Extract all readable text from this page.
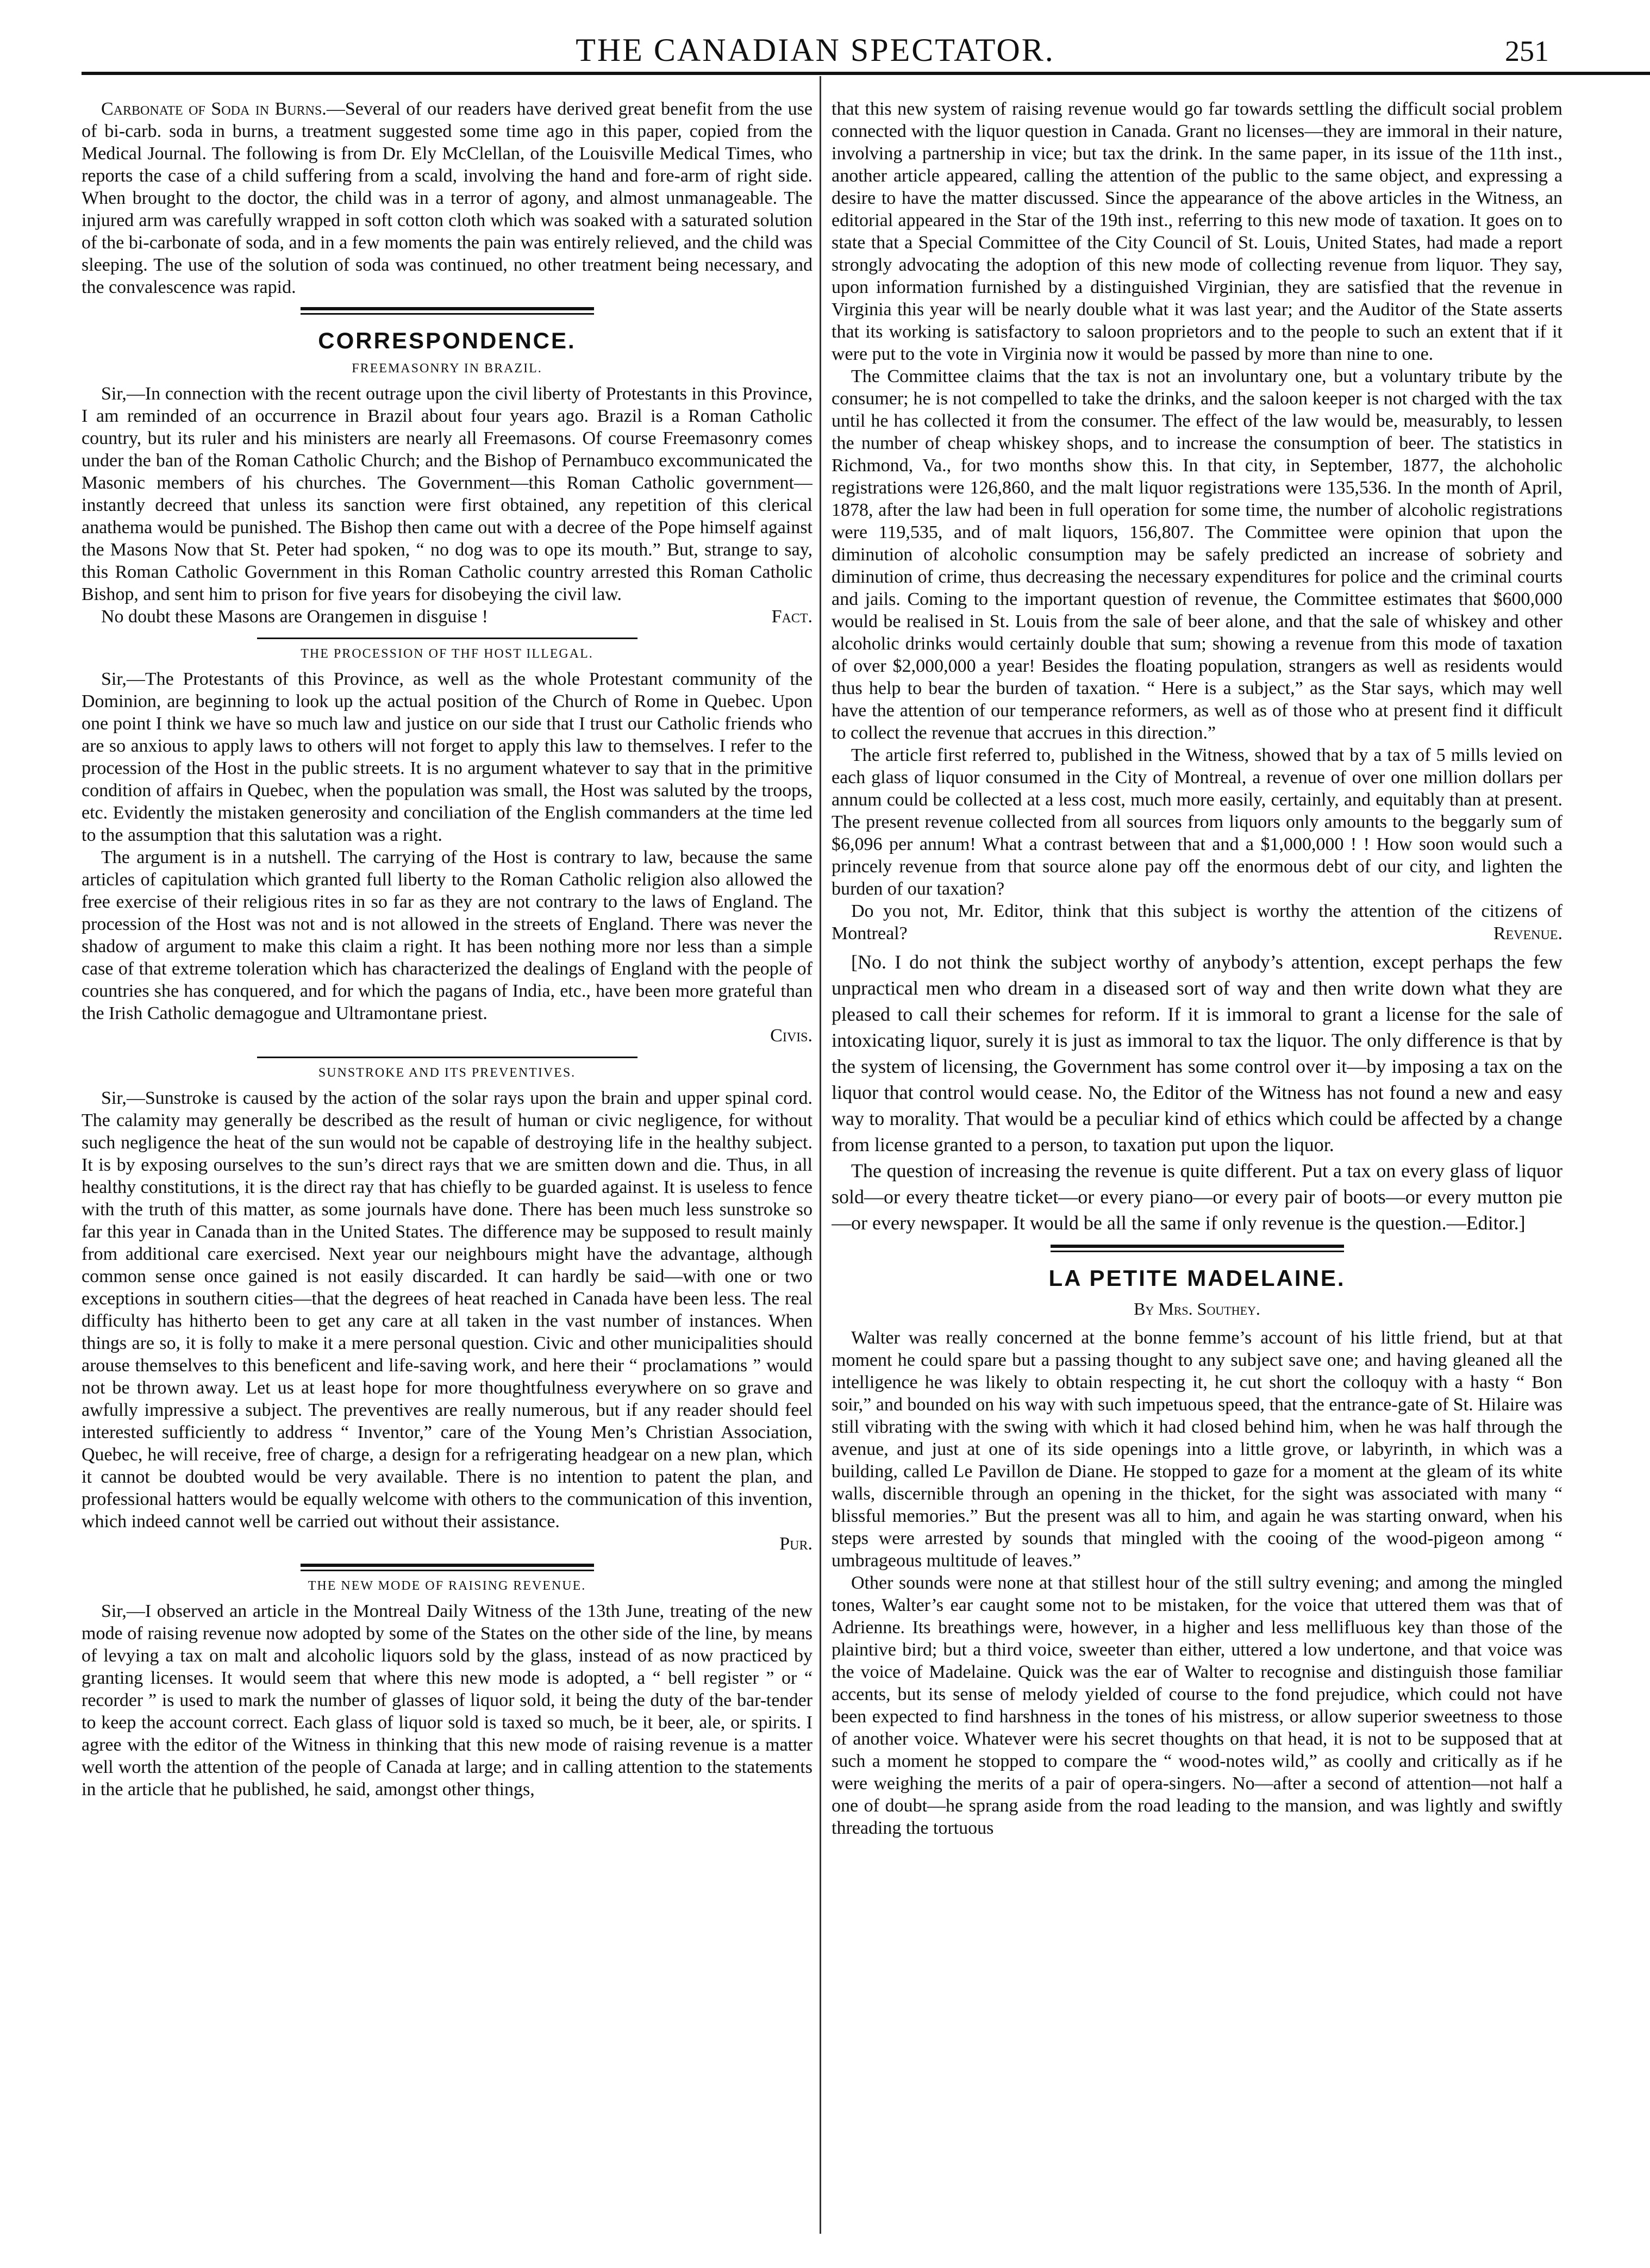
THE CANADIAN SPECTATOR.	251

Carbonate of Soda in Burns.—Several of our readers have derived great benefit from the use of bi-carb. soda in burns, a treatment suggested some time ago in this paper, copied from the Medical Journal. The following is from Dr. Ely McClellan, of the Louisville Medical Times, who reports the case of a child suffering from a scald, involving the hand and fore-arm of right side. When brought to the doctor, the child was in a terror of agony, and almost unmanageable. The injured arm was carefully wrapped in soft cotton cloth which was soaked with a saturated solution of the bi-carbonate of soda, and in a few moments the pain was entirely relieved, and the child was sleeping. The use of the solution of soda was continued, no other treatment being necessary, and the convalescence was rapid.

CORRESPONDENCE.
FREEMASONRY IN BRAZIL.

Sir,—In connection with the recent outrage upon the civil liberty of Protestants in this Province, I am reminded of an occurrence in Brazil about four years ago. Brazil is a Roman Catholic country, but its ruler and his ministers are nearly all Freemasons. Of course Freemasonry comes under the ban of the Roman Catholic Church; and the Bishop of Pernambuco excommunicated the Masonic members of his churches. The Government—this Roman Catholic government—instantly decreed that unless its sanction were first obtained, any repetition of this clerical anathema would be punished. The Bishop then came out with a decree of the Pope himself against the Masons Now that St. Peter had spoken, “ no dog was to ope its mouth.” But, strange to say, this Roman Catholic Government in this Roman Catholic country arrested this Roman Catholic Bishop, and sent him to prison for five years for disobeying the civil law.

Fact.
No doubt these Masons are Orangemen in disguise !

THE PROCESSION OF THF HOST ILLEGAL.

Sir,—The Protestants of this Province, as well as the whole Protestant community of the Dominion, are beginning to look up the actual position of the Church of Rome in Quebec. Upon one point I think we have so much law and justice on our side that I trust our Catholic friends who are so anxious to apply laws to others will not forget to apply this law to themselves. I refer to the procession of the Host in the public streets. It is no argument whatever to say that in the primitive condition of affairs in Quebec, when the population was small, the Host was saluted by the troops, etc. Evidently the mistaken generosity and conciliation of the English commanders at the time led to the assumption that this salutation was a right.

The argument is in a nutshell. The carrying of the Host is contrary to law, because the same articles of capitulation which granted full liberty to the Roman Catholic religion also allowed the free exercise of their religious rites in so far as they are not contrary to the laws of England. The procession of the Host was not and is not allowed in the streets of England. There was never the shadow of argument to make this claim a right. It has been nothing more nor less than a simple case of that extreme toleration which has characterized the dealings of England with the people of countries she has conquered, and for which the pagans of India, etc., have been more grateful than the Irish Catholic demagogue and Ultramontane priest.

Civis.

SUNSTROKE AND ITS PREVENTIVES.

Sir,—Sunstroke is caused by the action of the solar rays upon the brain and upper spinal cord. The calamity may generally be described as the result of human or civic negligence, for without such negligence the heat of the sun would not be capable of destroying life in the healthy subject. It is by exposing ourselves to the sun’s direct rays that we are smitten down and die. Thus, in all healthy constitutions, it is the direct ray that has chiefly to be guarded against. It is useless to fence with the truth of this matter, as some journals have done. There has been much less sunstroke so far this year in Canada than in the United States. The difference may be supposed to result mainly from additional care exercised. Next year our neighbours might have the advantage, although common sense once gained is not easily discarded. It can hardly be said—with one or two exceptions in southern cities—that the degrees of heat reached in Canada have been less. The real difficulty has hitherto been to get any care at all taken in the vast number of instances. When things are so, it is folly to make it a mere personal question. Civic and other municipalities should arouse themselves to this beneficent and life-saving work, and here their “ proclamations ” would not be thrown away. Let us at least hope for more thoughtfulness everywhere on so grave and awfully impressive a subject. The preventives are really numerous, but if any reader should feel interested sufficiently to address “ Inventor,” care of the Young Men’s Christian Association, Quebec, he will receive, free of charge, a design for a refrigerating headgear on a new plan, which it cannot be doubted would be very available. There is no intention to patent the plan, and professional hatters would be equally welcome with others to the communication of this invention, which indeed cannot well be carried out without their assistance.

Pur.

THE NEW MODE OF RAISING REVENUE.

Sir,—I observed an article in the Montreal Daily Witness of the 13th June, treating of the new mode of raising revenue now adopted by some of the States on the other side of the line, by means of levying a tax on malt and alcoholic liquors sold by the glass, instead of as now practiced by granting licenses. It would seem that where this new mode is adopted, a “ bell register ” or “ recorder ” is used to mark the number of glasses of liquor sold, it being the duty of the bar-tender to keep the account correct. Each glass of liquor sold is taxed so much, be it beer, ale, or spirits. I agree with the editor of the Witness in thinking that this new mode of raising revenue is a matter well worth the attention of the people of Canada at large; and in calling attention to the statements in the article that he published, he said, amongst other things,

that this new system of raising revenue would go far towards settling the difficult social problem connected with the liquor question in Canada. Grant no licenses—they are immoral in their nature, involving a partnership in vice; but tax the drink. In the same paper, in its issue of the 11th inst., another article appeared, calling the attention of the public to the same object, and expressing a desire to have the matter discussed. Since the appearance of the above articles in the Witness, an editorial appeared in the Star of the 19th inst., referring to this new mode of taxation. It goes on to state that a Special Committee of the City Council of St. Louis, United States, had made a report strongly advocating the adoption of this new mode of collecting revenue from liquor. They say, upon information furnished by a distinguished Virginian, they are satisfied that the revenue in Virginia this year will be nearly double what it was last year; and the Auditor of the State asserts that its working is satisfactory to saloon proprietors and to the people to such an extent that if it were put to the vote in Virginia now it would be passed by more than nine to one.

The Committee claims that the tax is not an involuntary one, but a voluntary tribute by the consumer; he is not compelled to take the drinks, and the saloon keeper is not charged with the tax until he has collected it from the consumer. The effect of the law would be, measurably, to lessen the number of cheap whiskey shops, and to increase the consumption of beer. The statistics in Richmond, Va., for two months show this. In that city, in September, 1877, the alchoholic registrations were 126,860, and the malt liquor registrations were 135,536. In the month of April, 1878, after the law had been in full operation for some time, the number of alcoholic registrations were 119,535, and of malt liquors, 156,807. The Committee were opinion that upon the diminution of alcoholic consumption may be safely predicted an increase of sobriety and diminution of crime, thus decreasing the necessary expenditures for police and the criminal courts and jails. Coming to the important question of revenue, the Committee estimates that $600,000 would be realised in St. Louis from the sale of beer alone, and that the sale of whiskey and other alcoholic drinks would certainly double that sum; showing a revenue from this mode of taxation of over $2,000,000 a year! Besides the floating population, strangers as well as residents would thus help to bear the burden of taxation. “ Here is a subject,” as the Star says, which may well have the attention of our temperance reformers, as well as of those who at present find it difficult to collect the revenue that accrues in this direction.”

The article first referred to, published in the Witness, showed that by a tax of 5 mills levied on each glass of liquor consumed in the City of Montreal, a revenue of over one million dollars per annum could be collected at a less cost, much more easily, certainly, and equitably than at present. The present revenue collected from all sources from liquors only amounts to the beggarly sum of $6,096 per annum! What a contrast between that and a $1,000,000 ! ! How soon would such a princely revenue from that source alone pay off the enormous debt of our city, and lighten the burden of our taxation?

Do you not, Mr. Editor, think that this subject is worthy the attention of the citizens of Montreal?	Revenue.

[No. I do not think the subject worthy of anybody’s attention, except perhaps the few unpractical men who dream in a diseased sort of way and then write down what they are pleased to call their schemes for reform. If it is immoral to grant a license for the sale of intoxicating liquor, surely it is just as immoral to tax the liquor. The only difference is that by the system of licensing, the Government has some control over it—by imposing a tax on the liquor that control would cease. No, the Editor of the Witness has not found a new and easy way to morality. That would be a peculiar kind of ethics which could be affected by a change from license granted to a person, to taxation put upon the liquor.

The question of increasing the revenue is quite different. Put a tax on every glass of liquor sold—or every theatre ticket—or every piano—or every pair of boots—or every mutton pie—or every newspaper. It would be all the same if only revenue is the question.—Editor.]

LA PETITE MADELAINE.
By Mrs. Southey.

Walter was really concerned at the bonne femme’s account of his little friend, but at that moment he could spare but a passing thought to any subject save one; and having gleaned all the intelligence he was likely to obtain respecting it, he cut short the colloquy with a hasty “ Bon soir,” and bounded on his way with such impetuous speed, that the entrance-gate of St. Hilaire was still vibrating with the swing with which it had closed behind him, when he was half through the avenue, and just at one of its side openings into a little grove, or labyrinth, in which was a building, called Le Pavillon de Diane. He stopped to gaze for a moment at the gleam of its white walls, discernible through an opening in the thicket, for the sight was associated with many “ blissful memories.” But the present was all to him, and again he was starting onward, when his steps were arrested by sounds that mingled with the cooing of the wood-pigeon among “ umbrageous multitude of leaves.”

Other sounds were none at that stillest hour of the still sultry evening; and among the mingled tones, Walter’s ear caught some not to be mistaken, for the voice that uttered them was that of Adrienne. Its breathings were, however, in a higher and less mellifluous key than those of the plaintive bird; but a third voice, sweeter than either, uttered a low undertone, and that voice was the voice of Madelaine. Quick was the ear of Walter to recognise and distinguish those familiar accents, but its sense of melody yielded of course to the fond prejudice, which could not have been expected to find harshness in the tones of his mistress, or allow superior sweetness to those of another voice. Whatever were his secret thoughts on that head, it is not to be supposed that at such a moment he stopped to compare the “ wood-notes wild,” as coolly and critically as if he were weighing the merits of a pair of opera-singers. No—after a second of attention—not half a one of doubt—he sprang aside from the road leading to the mansion, and was lightly and swiftly threading the tortuous
